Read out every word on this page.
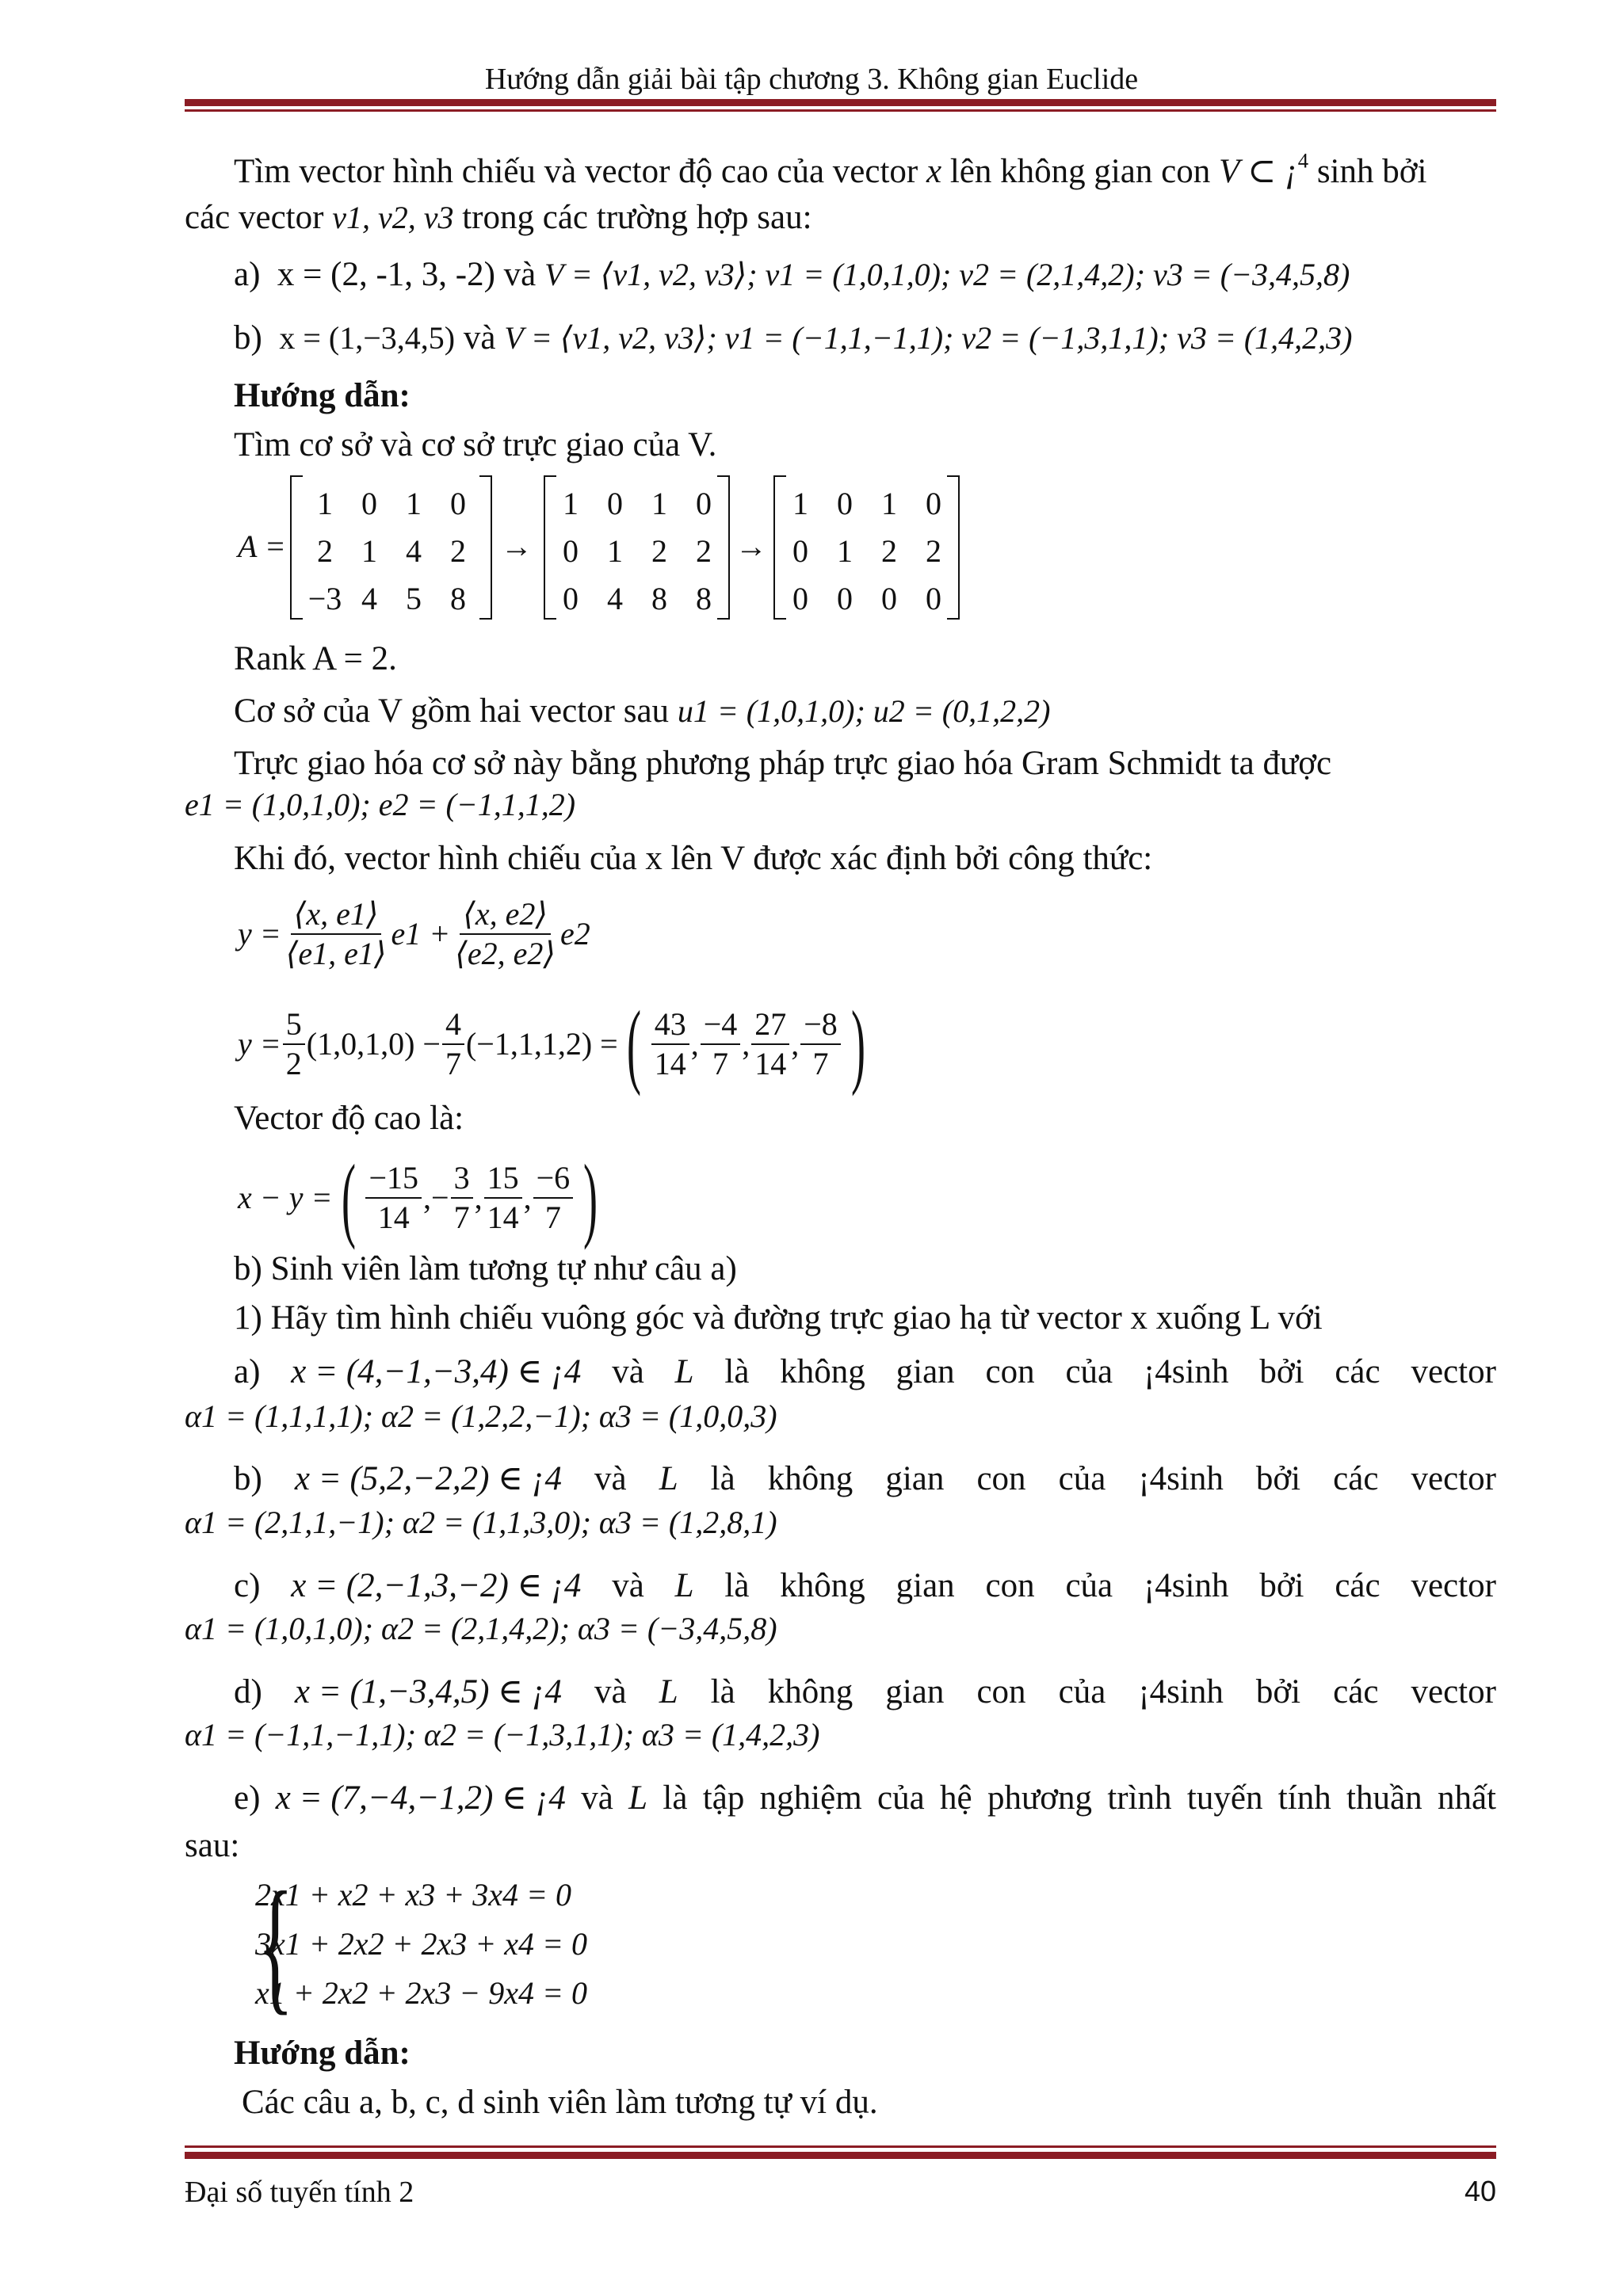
Hướng dẫn giải bài tập chương 3. Không gian Euclide
Tìm vector hình chiếu và vector độ cao của vector x lên không gian con V ⊂ ¡$^4$ sinh bởi
các vector v1, v2, v3 trong các trường hợp sau:
a) x = (2, -1, 3, -2) và V = ⟨v1, v2, v3⟩; v1 = (1,0,1,0); v2 = (2,1,4,2); v3 = (−3,4,5,8)
b) x = (1,−3,4,5) và V = ⟨v1, v2, v3⟩; v1 = (−1,1,−1,1); v2 = (−1,3,1,1); v3 = (1,4,2,3)
Hướng dẫn:
Tìm cơ sở và cơ sở trực giao của V.
A =
1 0 1 0
2 1 4 2
−3 4 5 8
→
1 0 1 0
0 1 2 2
0 4 8 8
→
1 0 1 0
0 1 2 2
0 0 0 0
Rank A = 2.
Cơ sở của V gồm hai vector sau u1 = (1,0,1,0); u2 = (0,1,2,2)
Trực giao hóa cơ sở này bằng phương pháp trực giao hóa Gram Schmidt ta được
e1 = (1,0,1,0); e2 = (−1,1,1,2)
Khi đó, vector hình chiếu của x lên V được xác định bởi công thức:
$y = \frac{⟨x, e1⟩}{⟨e1, e1⟩} e1 + \frac{⟨x, e2⟩}{⟨e2, e2⟩} e2$
$y = \frac{5}{2} (1,0,1,0) - \frac{4}{7} (-1,1,1,2)$ = ( $\frac{43}{14}$ , $\frac{-4}{7}$ , $\frac{27}{14}$ , $\frac{-8}{7}$ )
Vector độ cao là:
x − y = ( $\frac{-15}{14}$ , − $\frac{3}{7}$ , $\frac{15}{14}$ , $\frac{-6}{7}$ )
b) Sinh viên làm tương tự như câu a)
1) Hãy tìm hình chiếu vuông góc và đường trực giao hạ từ vector x xuống L với
a) x = (4,−1,−3,4) ∈ ¡4 và L là không gian con của ¡4sinh bởi các vector
α1 = (1,1,1,1); α2 = (1,2,2,−1); α3 = (1,0,0,3)
b) x = (5,2,−2,2) ∈ ¡4 và L là không gian con của ¡4sinh bởi các vector
α1 = (2,1,1,−1); α2 = (1,1,3,0); α3 = (1,2,8,1)
c) x = (2,−1,3,−2) ∈ ¡4 và L là không gian con của ¡4sinh bởi các vector
α1 = (1,0,1,0); α2 = (2,1,4,2); α3 = (−3,4,5,8)
d) x = (1,−3,4,5) ∈ ¡4 và L là không gian con của ¡4sinh bởi các vector
α1 = (−1,1,−1,1); α2 = (−1,3,1,1); α3 = (1,4,2,3)
e) x = (7,−4,−1,2) ∈ ¡4 và L là tập nghiệm của hệ phương trình tuyến tính thuần nhất
sau:
{
2x1 + x2 + x3 + 3x4 = 0
3x1 + 2x2 + 2x3 + x4 = 0
x1 + 2x2 + 2x3 − 9x4 = 0
Hướng dẫn:
Các câu a, b, c, d sinh viên làm tương tự ví dụ.
Đại số tuyến tính 2	40
